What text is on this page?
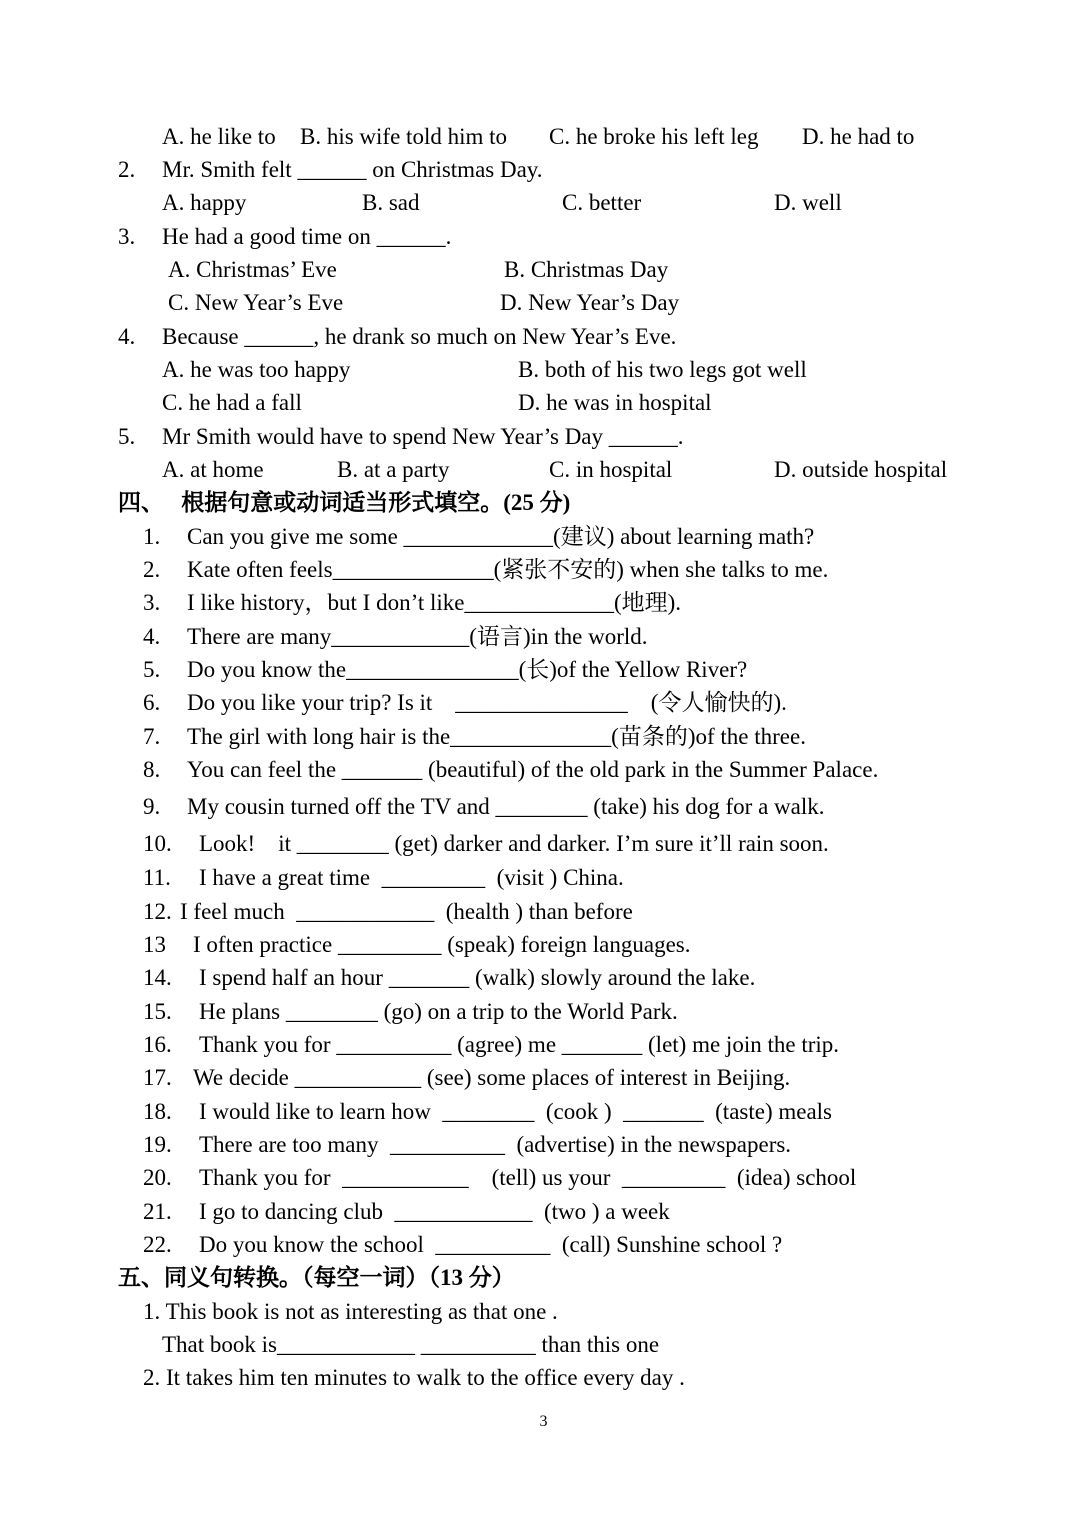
A. he like to B. his wife told him to C. he broke his left leg D. he had to
2. Mr. Smith felt ______ on Christmas Day.
A. happy	B. sad	C. better	D. well
3. He had a good time on ______.
A. Christmas’ Eve	B. Christmas Day
C. New Year’s Eve	D. New Year’s Day
4. Because ______, he drank so much on New Year’s Eve.
A. he was too happy	B. both of his two legs got well
C. he had a fall	D. he was in hospital
5. Mr Smith would have to spend New Year’s Day ______.
A. at home	B. at a party	C. in hospital	D. outside hospital
四、   根据句意或动词适当形式填空。(25 分)
1. Can you give me some _____________(建议) about learning math?
2. Kate often feels______________(紧张不安的) when she talks to me.
3. I like history，but I don’t like_____________(地理).
4. There are many____________(语言)in the world.
5. Do you know the_______________(长)of the Yellow River?
6. Do you like your trip? Is it    _______________    (令人愉快的).
7. The girl with long hair is the______________(苗条的)of the three.
8. You can feel the _______ (beautiful) of the old park in the Summer Palace.
9. My cousin turned off the TV and ________ (take) his dog for a walk.
10. Look!    it ________ (get) darker and darker. I’m sure it’ll rain soon.
11. I have a great time  _________  (visit ) China.
12. I feel much  ____________  (health ) than before
13 I often practice _________ (speak) foreign languages.
14. I spend half an hour _______ (walk) slowly around the lake.
15. He plans ________ (go) on a trip to the World Park.
16. Thank you for __________ (agree) me _______ (let) me join the trip.
17. We decide ___________ (see) some places of interest in Beijing.
18. I would like to learn how  ________  (cook )  _______  (taste) meals
19. There are too many  __________  (advertise) in the newspapers.
20. Thank you for  ___________    (tell) us your  _________  (idea) school
21. I go to dancing club  ____________  (two ) a week
22. Do you know the school  __________  (call) Sunshine school ?
五、同义句转换。（每空一词）（13 分）
1. This book is not as interesting as that one .
That book is____________ __________ than this one
2. It takes him ten minutes to walk to the office every day .
3
